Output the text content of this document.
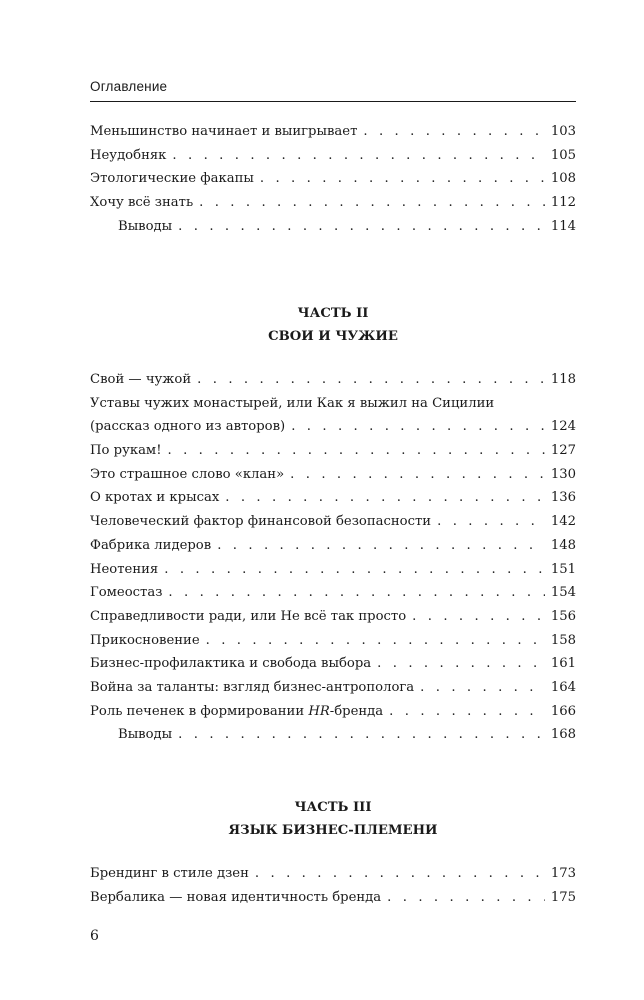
Оглавление
Меньшинство начинает и выигрывает . . .	103
Неудобняк . . .	105
Этологические факапы . . .	108
Хочу всё знать . . .	112
Выводы . . .	114
ЧАСТЬ II
СВОИ И ЧУЖИЕ
Свой — чужой . . .	118
Уставы чужих монастырей, или Как я выжил на Сицилии
(рассказ одного из авторов) . . .	124
По рукам! . . .	127
Это страшное слово «клан» . . .	130
О кротах и крысах . . .	136
Человеческий фактор финансовой безопасности . . .	142
Фабрика лидеров . . .	148
Неотения . . .	151
Гомеостаз . . .	154
Справедливости ради, или Не всё так просто . . .	156
Прикосновение . . .	158
Бизнес-профилактика и свобода выбора . . .	161
Война за таланты: взгляд бизнес-антрополога . . .	164
Роль печенек в формировании HR-бренда . . .	166
Выводы . . .	168
ЧАСТЬ III
ЯЗЫК БИЗНЕС-ПЛЕМЕНИ
Брендинг в стиле дзен . . .	173
Вербалика — новая идентичность бренда . . .	175
6
